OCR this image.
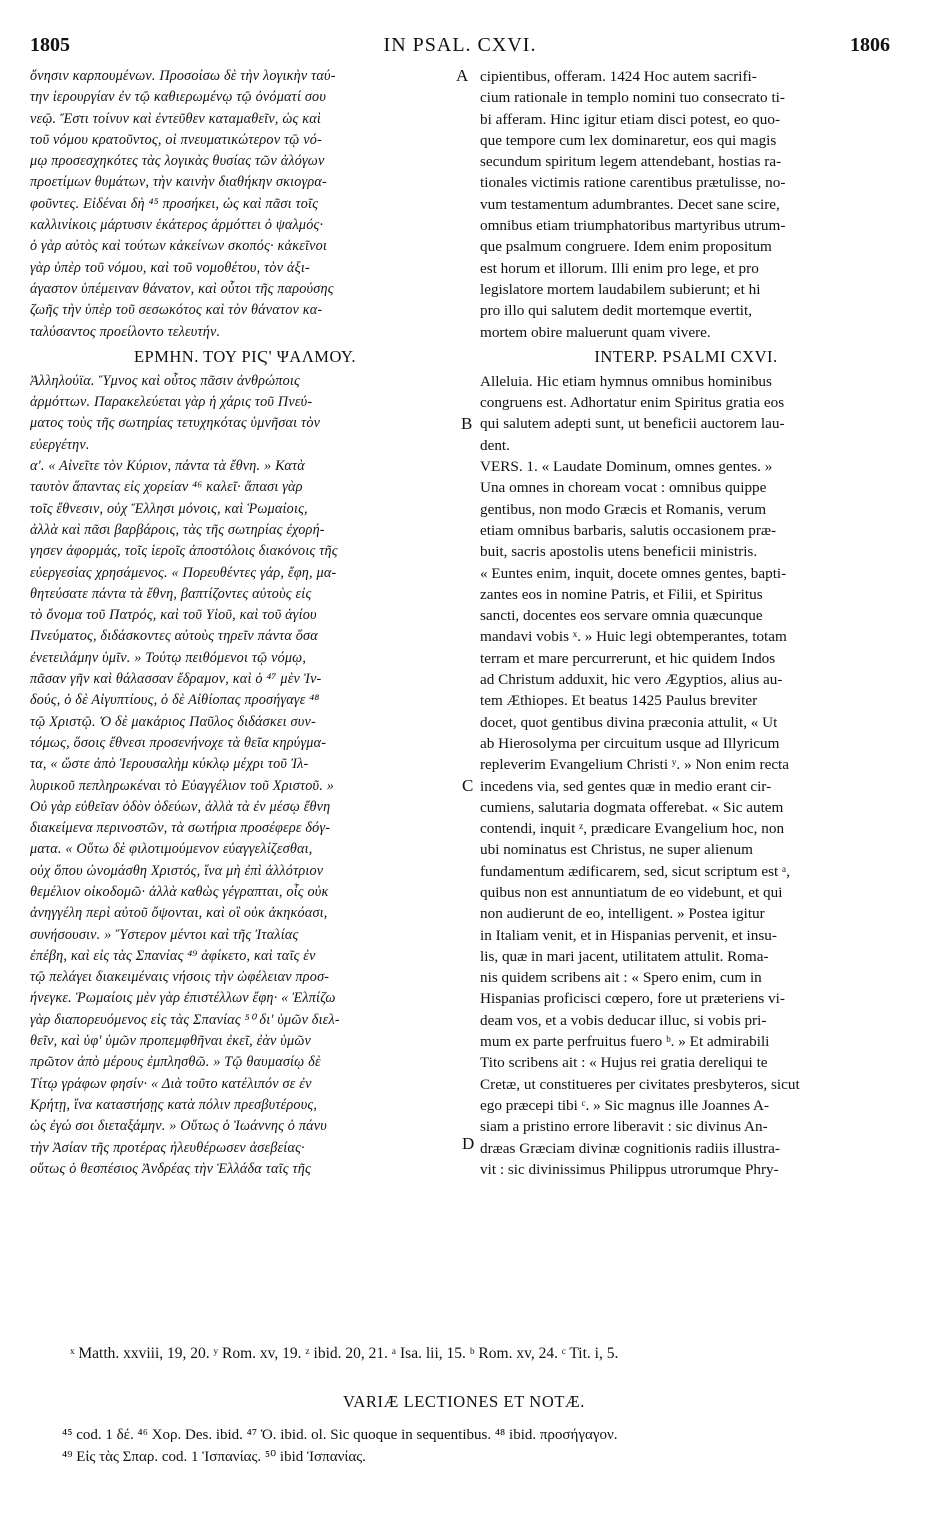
IN PSAL. CXVI.
1805	1806
ὄνησιν καρπουμένων. Προσοίσω δὲ τὴν λογικὴν ταύ-
την ἱερουργίαν ἐν τῷ καθιερωμένῳ τῷ ὀνόματί σου
νεῷ. Ἔστι τοίνυν καὶ ἐντεῦθεν καταμαθεῖν, ὡς καὶ
τοῦ νόμου κρατοῦντος, οἱ πνευματικώτερον τῷ νό-
μῳ προσεσχηκότες τὰς λογικὰς θυσίας τῶν ἀλόγων
προετίμων θυμάτων, τὴν καινὴν διαθήκην σκιογρα-
φοῦντες. Εἰδέναι δὴ ⁴⁵ προσήκει, ὡς καὶ πᾶσι τοῖς
καλλινίκοις μάρτυσιν ἑκάτερος ἁρμόττει ὁ ψαλμός·
ὁ γὰρ αὐτὸς καὶ τούτων κἀκείνων σκοπός· κἀκεῖνοι
γὰρ ὑπὲρ τοῦ νόμου, καὶ τοῦ νομοθέτου, τὸν ἀξι-
άγαστον ὑπέμειναν θάνατον, καὶ οὗτοι τῆς παρούσης
ζωῆς τὴν ὑπὲρ τοῦ σεσωκότος καὶ τὸν θάνατον κα-
ταλύσαντος προείλοντο τελευτήν.
ΕΡΜΗΝ. ΤΟΥ ΡΙϚ' ΨΑΛΜΟΥ.
Ἀλληλούϊα. Ὕμνος καὶ οὗτος πᾶσιν ἀνθρώποις
ἁρμόττων. Παρακελεύεται γὰρ ἡ χάρις τοῦ Πνεύ-
ματος τοὺς τῆς σωτηρίας τετυχηκότας ὑμνῆσαι τὸν
εὐεργέτην.
α'. « Αἰνεῖτε τὸν Κύριον, πάντα τὰ ἔθνη. » Κατὰ
ταυτὸν ἅπαντας εἰς χορείαν ⁴⁶ καλεῖ· ἅπασι γὰρ
τοῖς ἔθνεσιν, οὐχ Ἕλλησι μόνοις, καὶ Ῥωμαίοις,
ἀλλὰ καὶ πᾶσι βαρβάροις, τὰς τῆς σωτηρίας ἐχορή-
γησεν ἀφορμάς, τοῖς ἱεροῖς ἀποστόλοις διακόνοις τῆς
εὐεργεσίας χρησάμενος. « Πορευθέντες γάρ, ἔφη, μα-
θητεύσατε πάντα τὰ ἔθνη, βαπτίζοντες αὐτοὺς εἰς
τὸ ὄνομα τοῦ Πατρός, καὶ τοῦ Υἱοῦ, καὶ τοῦ ἁγίου
Πνεύματος, διδάσκοντες αὐτοὺς τηρεῖν πάντα ὅσα
ἐνετειλάμην ὑμῖν. » Τούτῳ πειθόμενοι τῷ νόμῳ,
πᾶσαν γῆν καὶ θάλασσαν ἔδραμον, καὶ ὁ ⁴⁷ μὲν Ἰν-
δούς, ὁ δὲ Αἰγυπτίους, ὁ δὲ Αἰθίοπας προσήγαγε ⁴⁸
τῷ Χριστῷ. Ὁ δὲ μακάριος Παῦλος διδάσκει συν-
τόμως, ὅσοις ἔθνεσι προσενήνοχε τὰ θεῖα κηρύγμα-
τα, « ὥστε ἀπὸ Ἱερουσαλὴμ κύκλῳ μέχρι τοῦ Ἰλ-
λυρικοῦ πεπληρωκέναι τὸ Εὐαγγέλιον τοῦ Χριστοῦ. »
Οὐ γὰρ εὐθεῖαν ὁδὸν ὁδεύων, ἀλλὰ τὰ ἐν μέσῳ ἔθνη
διακείμενα περινοστῶν, τὰ σωτήρια προσέφερε δόγ-
ματα. « Οὕτω δὲ φιλοτιμούμενον εὐαγγελίζεσθαι,
οὐχ ὅπου ὠνομάσθη Χριστός, ἵνα μὴ ἐπὶ ἀλλότριον
θεμέλιον οἰκοδομῶ· ἀλλὰ καθὼς γέγραπται, οἷς οὐκ
ἀνηγγέλη περὶ αὐτοῦ ὄψονται, καὶ οἳ οὐκ ἀκηκόασι,
συνήσουσιν. » Ὕστερον μέντοι καὶ τῆς Ἰταλίας
ἐπέβη, καὶ εἰς τὰς Σπανίας ⁴⁹ ἀφίκετο, καὶ ταῖς ἐν
τῷ πελάγει διακειμέναις νήσοις τὴν ὠφέλειαν προσ-
ήνεγκε. Ῥωμαίοις μὲν γὰρ ἐπιστέλλων ἔφη· « Ἐλπίζω
γὰρ διαπορευόμενος εἰς τὰς Σπανίας ⁵⁰ δι' ὑμῶν διελ-
θεῖν, καὶ ὑφ' ὑμῶν προπεμφθῆναι ἐκεῖ, ἐὰν ὑμῶν
πρῶτον ἀπὸ μέρους ἐμπλησθῶ. » Τῷ θαυμασίῳ δὲ
Τίτῳ γράφων φησίν· « Διὰ τοῦτο κατέλιπόν σε ἐν
Κρήτῃ, ἵνα καταστήσῃς κατὰ πόλιν πρεσβυτέρους,
ὡς ἐγώ σοι διεταξάμην. » Οὕτως ὁ Ἰωάννης ὁ πάνυ
τὴν Ἀσίαν τῆς προτέρας ἠλευθέρωσεν ἀσεβείας·
οὕτως ὁ θεσπέσιος Ἀνδρέας τὴν Ἑλλάδα ταῖς τῆς
cipientibus, offeram. 1424 Hoc autem sacrifi-
cium rationale in templo nomini tuo consecrato ti-
bi afferam. Hinc igitur etiam disci potest, eo quo-
que tempore cum lex dominaretur, eos qui magis
secundum spiritum legem attendebant, hostias ra-
tionales victimis ratione carentibus prætulisse, no-
vum testamentum adumbrantes. Decet sane scire,
omnibus etiam triumphatoribus martyribus utrum-
que psalmum congruere. Idem enim propositum
est horum et illorum. Illi enim pro lege, et pro
legislatore mortem laudabilem subierunt; et hi
pro illo qui salutem dedit mortemque evertit,
mortem obire maluerunt quam vivere.
INTERP. PSALMI CXVI.
Alleluia. Hic etiam hymnus omnibus hominibus
congruens est. Adhortatur enim Spiritus gratia eos
qui salutem adepti sunt, ut beneficii auctorem lau-
dent.
VERS. 1. « Laudate Dominum, omnes gentes. »
Una omnes in choream vocat : omnibus quippe
gentibus, non modo Græcis et Romanis, verum
etiam omnibus barbaris, salutis occasionem præ-
buit, sacris apostolis utens beneficii ministris.
« Euntes enim, inquit, docete omnes gentes, bapti-
zantes eos in nomine Patris, et Filii, et Spiritus
sancti, docentes eos servare omnia quæcunque
mandavi vobis ˣ. » Huic legi obtemperantes, totam
terram et mare percurrerunt, et hic quidem Indos
ad Christum adduxit, hic vero Ægyptios, alius au-
tem Æthiopes. Et beatus 1425 Paulus breviter
docet, quot gentibus divina præconia attulit, « Ut
ab Hierosolyma per circuitum usque ad Illyricum
repleverim Evangelium Christi ʸ. » Non enim recta
incedens via, sed gentes quæ in medio erant cir-
cumiens, salutaria dogmata offerebat. « Sic autem
contendi, inquit ᶻ, prædicare Evangelium hoc, non
ubi nominatus est Christus, ne super alienum
fundamentum ædificarem, sed, sicut scriptum est ᵃ,
quibus non est annuntiatum de eo videbunt, et qui
non audierunt de eo, intelligent. » Postea igitur
in Italiam venit, et in Hispanias pervenit, et insu-
lis, quæ in mari jacent, utilitatem attulit. Roma-
nis quidem scribens ait : « Spero enim, cum in
Hispanias proficisci cœpero, fore ut præteriens vi-
deam vos, et a vobis deducar illuc, si vobis pri-
mum ex parte perfruitus fuero ᵇ. » Et admirabili
Tito scribens ait : « Hujus rei gratia dereliqui te
Cretæ, ut constitueres per civitates presbyteros, sicut
ego præcepi tibi ᶜ. » Sic magnus ille Joannes A-
siam a pristino errore liberavit : sic divinus An-
dræas Græciam divinæ cognitionis radiis illustra-
vit : sic divinissimus Philippus utrorumque Phry-
A
B
C
D
ˣ Matth. xxviii, 19, 20. ʸ Rom. xv, 19. ᶻ ibid. 20, 21. ᵃ Isa. lii, 15. ᵇ Rom. xv, 24. ᶜ Tit. i, 5.
VARIÆ LECTIONES ET NOTÆ.
⁴⁵ cod. 1 δέ. ⁴⁶ Χορ. Des. ibid. ⁴⁷ Ὁ. ibid. ol. Sic quoque in sequentibus. ⁴⁸ ibid. προσήγαγον.
⁴⁹ Εἰς τὰς Σπαρ. cod. 1 Ἱσπανίας. ⁵⁰ ibid Ἱσπανίας.
